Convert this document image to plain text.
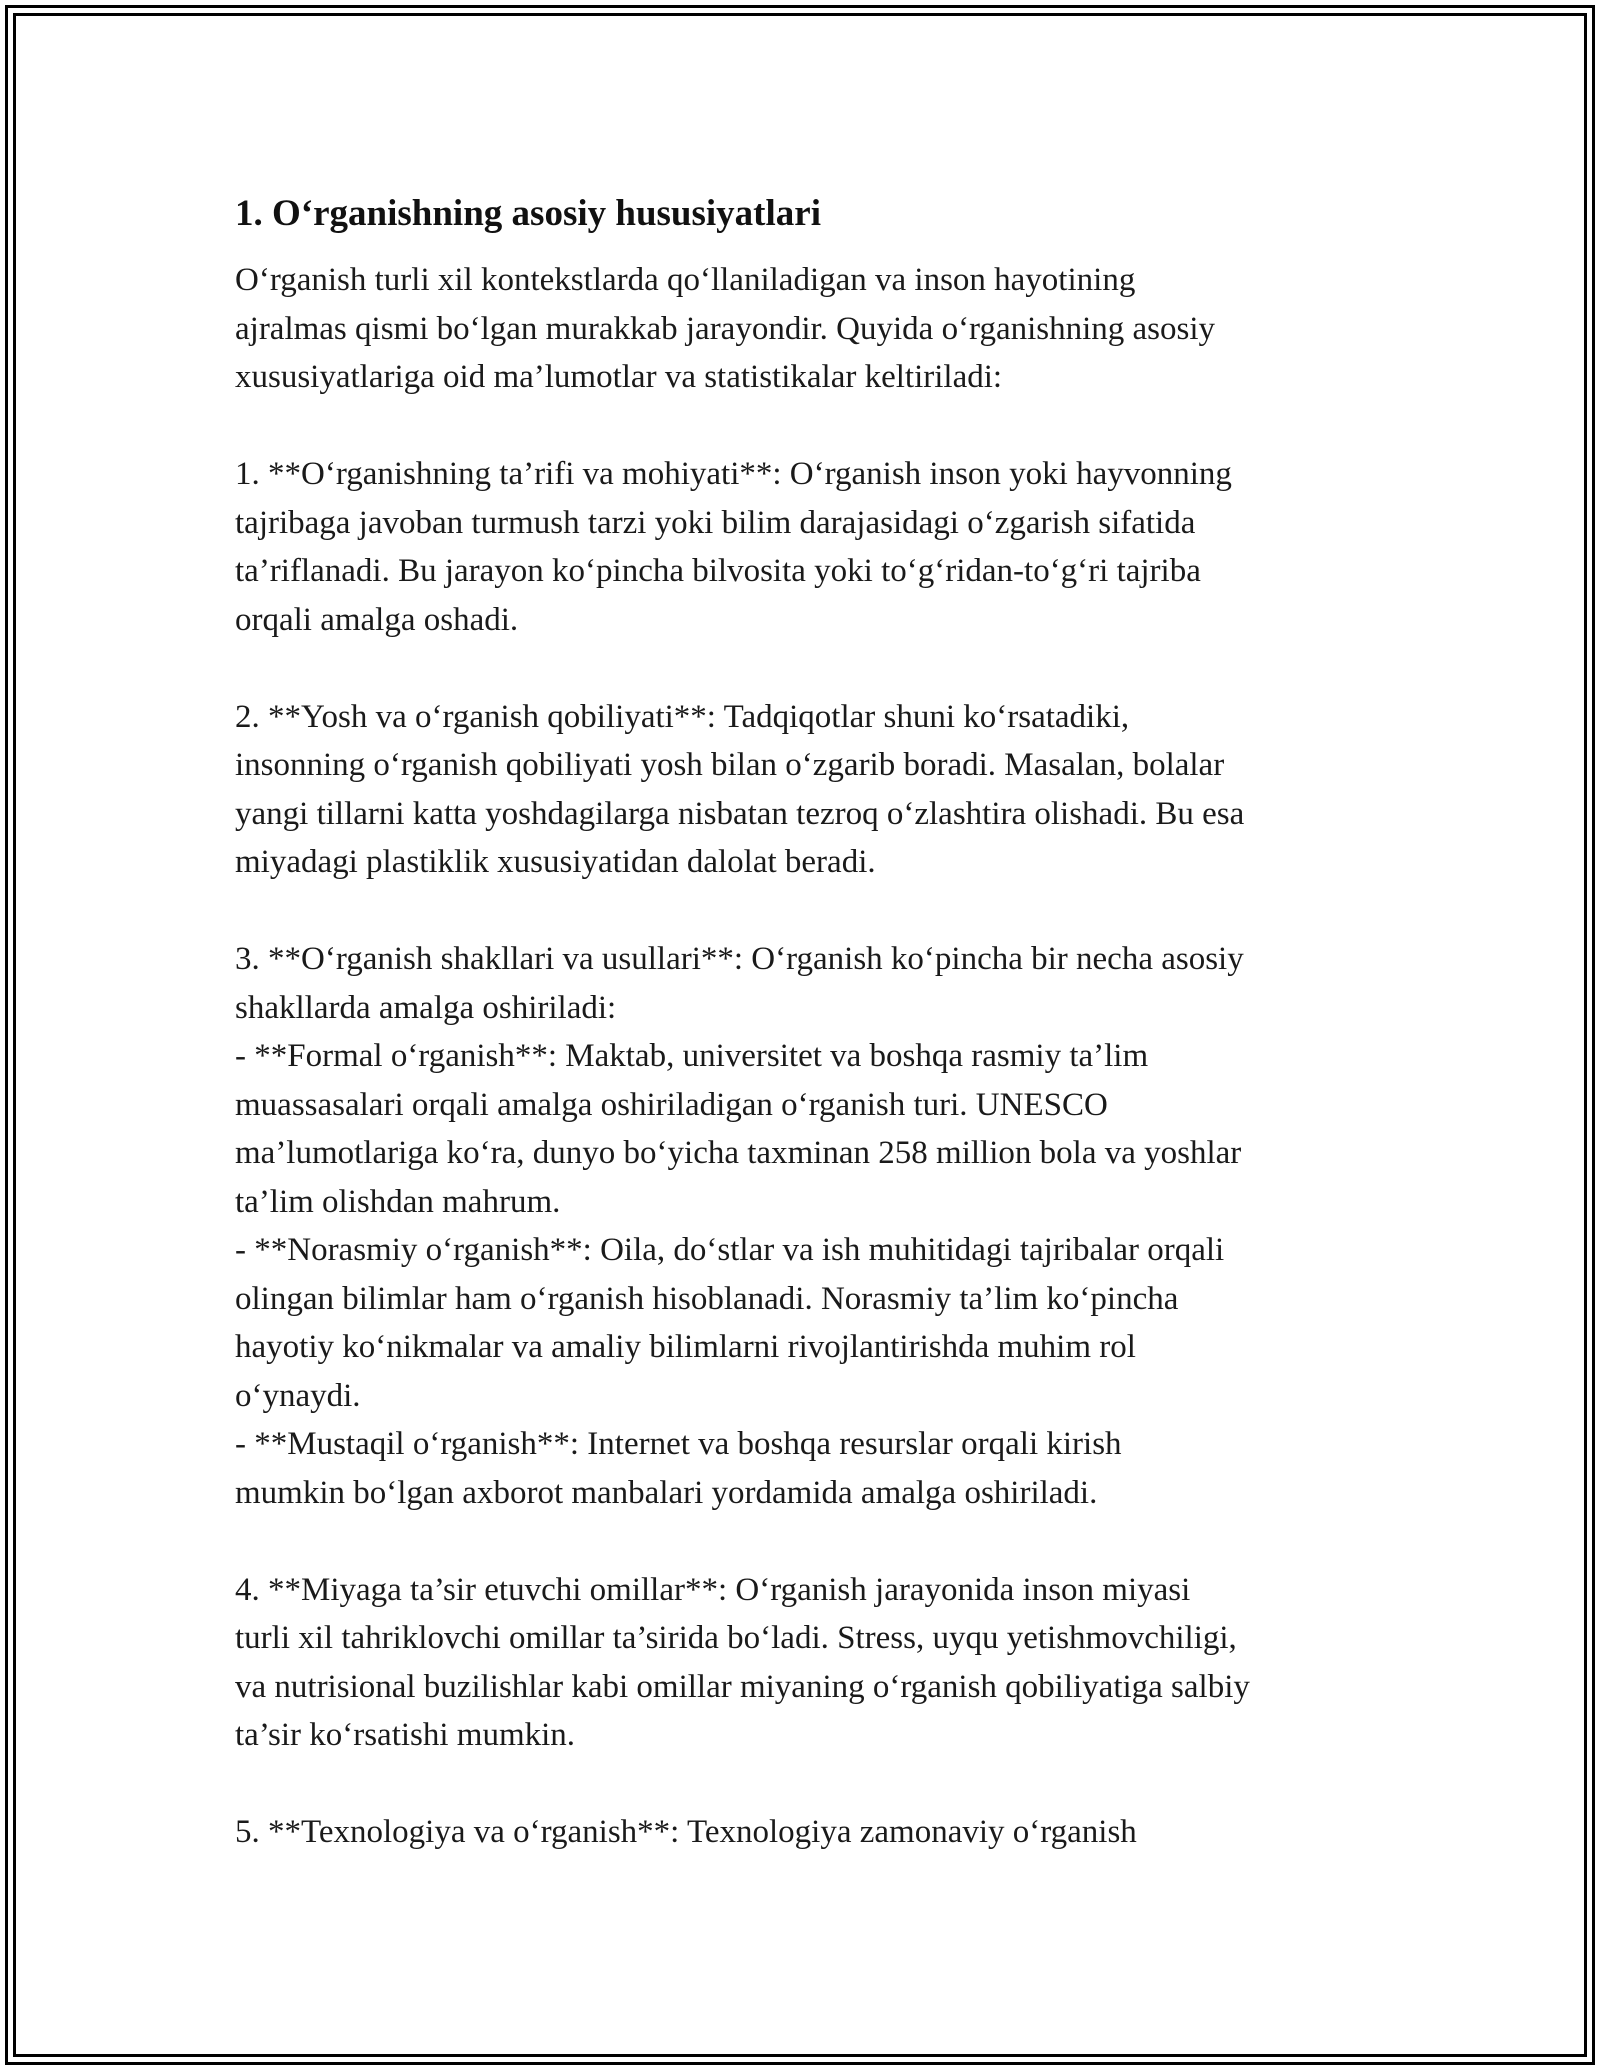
1. O‘rganishning asosiy hususiyatlari

O‘rganish turli xil kontekstlarda qo‘llaniladigan va inson hayotining
ajralmas qismi bo‘lgan murakkab jarayondir. Quyida o‘rganishning asosiy
xususiyatlariga oid ma’lumotlar va statistikalar keltiriladi:

1. **O‘rganishning ta’rifi va mohiyati**: O‘rganish inson yoki hayvonning
tajribaga javoban turmush tarzi yoki bilim darajasidagi o‘zgarish sifatida
ta’riflanadi. Bu jarayon ko‘pincha bilvosita yoki to‘g‘ridan-to‘g‘ri tajriba
orqali amalga oshadi.

2. **Yosh va o‘rganish qobiliyati**: Tadqiqotlar shuni ko‘rsatadiki,
insonning o‘rganish qobiliyati yosh bilan o‘zgarib boradi. Masalan, bolalar
yangi tillarni katta yoshdagilarga nisbatan tezroq o‘zlashtira olishadi. Bu esa
miyadagi plastiklik xususiyatidan dalolat beradi.

3. **O‘rganish shakllari va usullari**: O‘rganish ko‘pincha bir necha asosiy
shakllarda amalga oshiriladi:
- **Formal o‘rganish**: Maktab, universitet va boshqa rasmiy ta’lim
muassasalari orqali amalga oshiriladigan o‘rganish turi. UNESCO
ma’lumotlariga ko‘ra, dunyo bo‘yicha taxminan 258 million bola va yoshlar
ta’lim olishdan mahrum.
- **Norasmiy o‘rganish**: Oila, do‘stlar va ish muhitidagi tajribalar orqali
olingan bilimlar ham o‘rganish hisoblanadi. Norasmiy ta’lim ko‘pincha
hayotiy ko‘nikmalar va amaliy bilimlarni rivojlantirishda muhim rol
o‘ynaydi.
- **Mustaqil o‘rganish**: Internet va boshqa resurslar orqali kirish
mumkin bo‘lgan axborot manbalari yordamida amalga oshiriladi.

4. **Miyaga ta’sir etuvchi omillar**: O‘rganish jarayonida inson miyasi
turli xil tahriklovchi omillar ta’sirida bo‘ladi. Stress, uyqu yetishmovchiligi,
va nutrisional buzilishlar kabi omillar miyaning o‘rganish qobiliyatiga salbiy
ta’sir ko‘rsatishi mumkin.

5. **Texnologiya va o‘rganish**: Texnologiya zamonaviy o‘rganish
